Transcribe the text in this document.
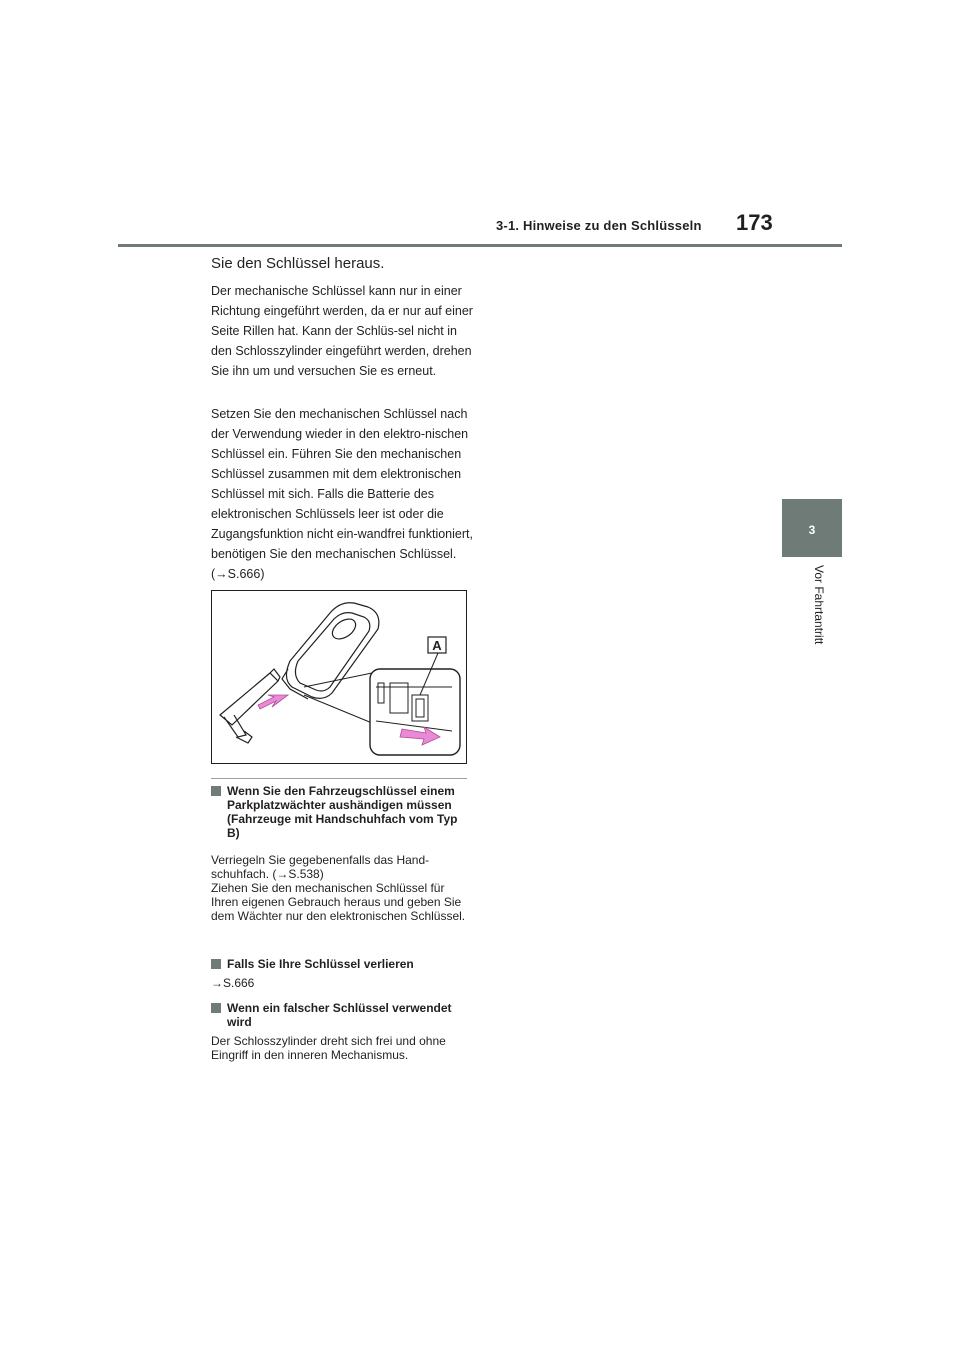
3-1. Hinweise zu den Schlüsseln 173
3
Vor Fahrtantritt
Sie den Schlüssel heraus.
Der mechanische Schlüssel kann nur in einer Richtung eingeführt werden, da er nur auf einer Seite Rillen hat. Kann der Schlüs-sel nicht in den Schlosszylinder eingeführt werden, drehen Sie ihn um und versuchen Sie es erneut.
Setzen Sie den mechanischen Schlüssel nach der Verwendung wieder in den elektro-nischen Schlüssel ein. Führen Sie den mechanischen Schlüssel zusammen mit dem elektronischen Schlüssel mit sich. Falls die Batterie des elektronischen Schlüssels leer ist oder die Zugangsfunktion nicht ein-wandfrei funktioniert, benötigen Sie den mechanischen Schlüssel. (→S.666)
A
Wenn Sie den Fahrzeugschlüssel einem Parkplatzwächter aushändigen müssen (Fahrzeuge mit Handschuhfach vom Typ B)
Verriegeln Sie gegebenenfalls das Hand-
schuhfach. (→S.538)
Ziehen Sie den mechanischen Schlüssel für Ihren eigenen Gebrauch heraus und geben Sie dem Wächter nur den elektronischen Schlüssel.
Falls Sie Ihre Schlüssel verlieren
→S.666
Wenn ein falscher Schlüssel verwendet wird
Der Schlosszylinder dreht sich frei und ohne Eingriff in den inneren Mechanismus.
